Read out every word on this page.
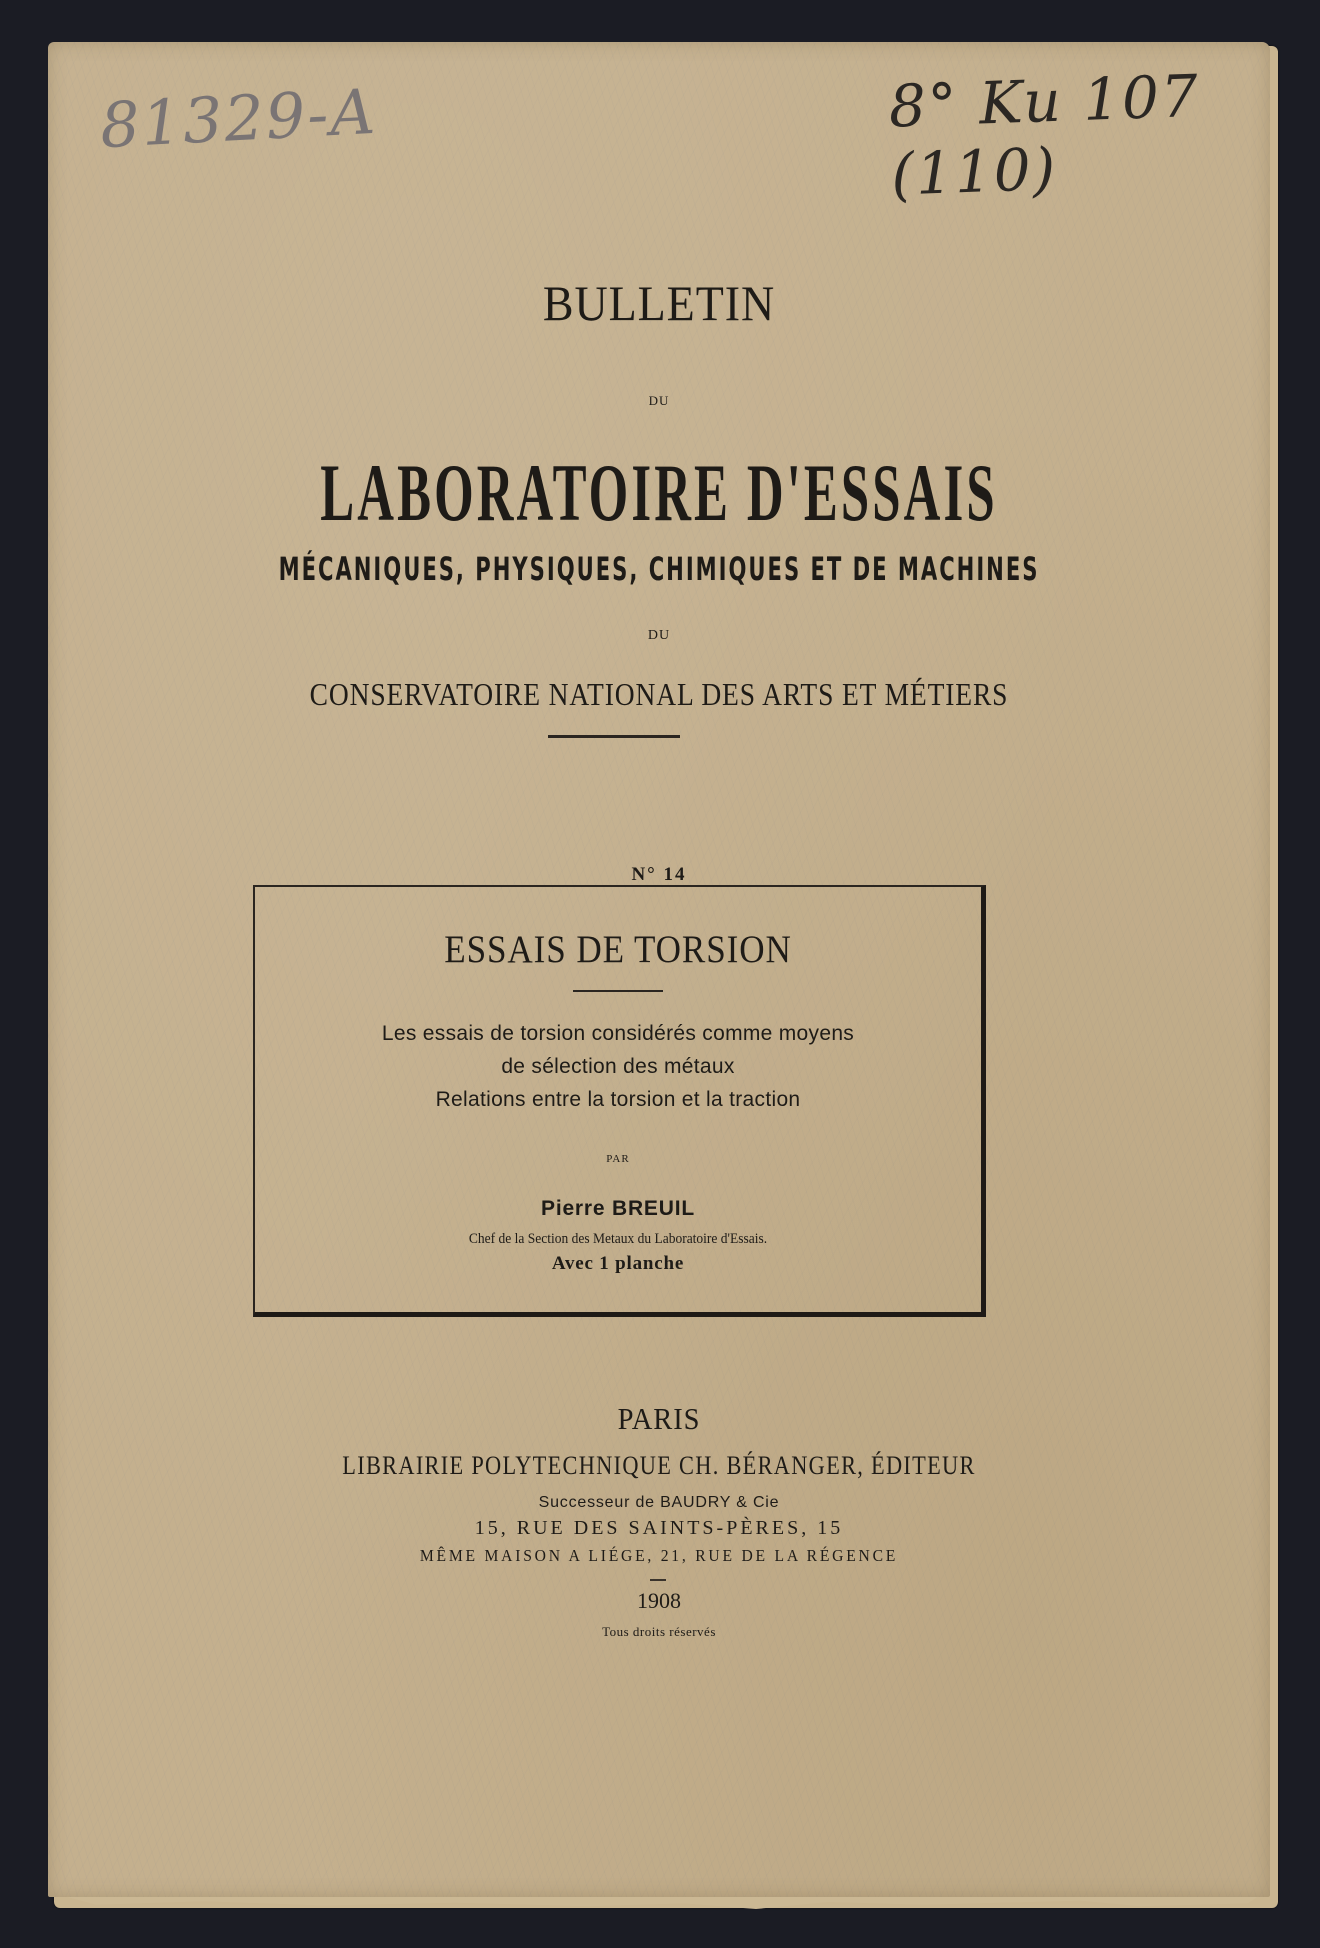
81329-A	8° Ku 107 (110)
BULLETIN
DU
LABORATOIRE D'ESSAIS
MÉCANIQUES, PHYSIQUES, CHIMIQUES ET DE MACHINES
DU
CONSERVATOIRE NATIONAL DES ARTS ET MÉTIERS
N° 14
ESSAIS DE TORSION
Les essais de torsion considérés comme moyens
de sélection des métaux
Relations entre la torsion et la traction
PAR
Pierre BREUIL
Chef de la Section des Metaux du Laboratoire d'Essais.
Avec 1 planche
PARIS
LIBRAIRIE POLYTECHNIQUE CH. BÉRANGER, ÉDITEUR
Successeur de BAUDRY & Cie
15, RUE DES SAINTS-PÈRES, 15
MÊME MAISON A LIÉGE, 21, RUE DE LA RÉGENCE
1908
Tous droits réservés
